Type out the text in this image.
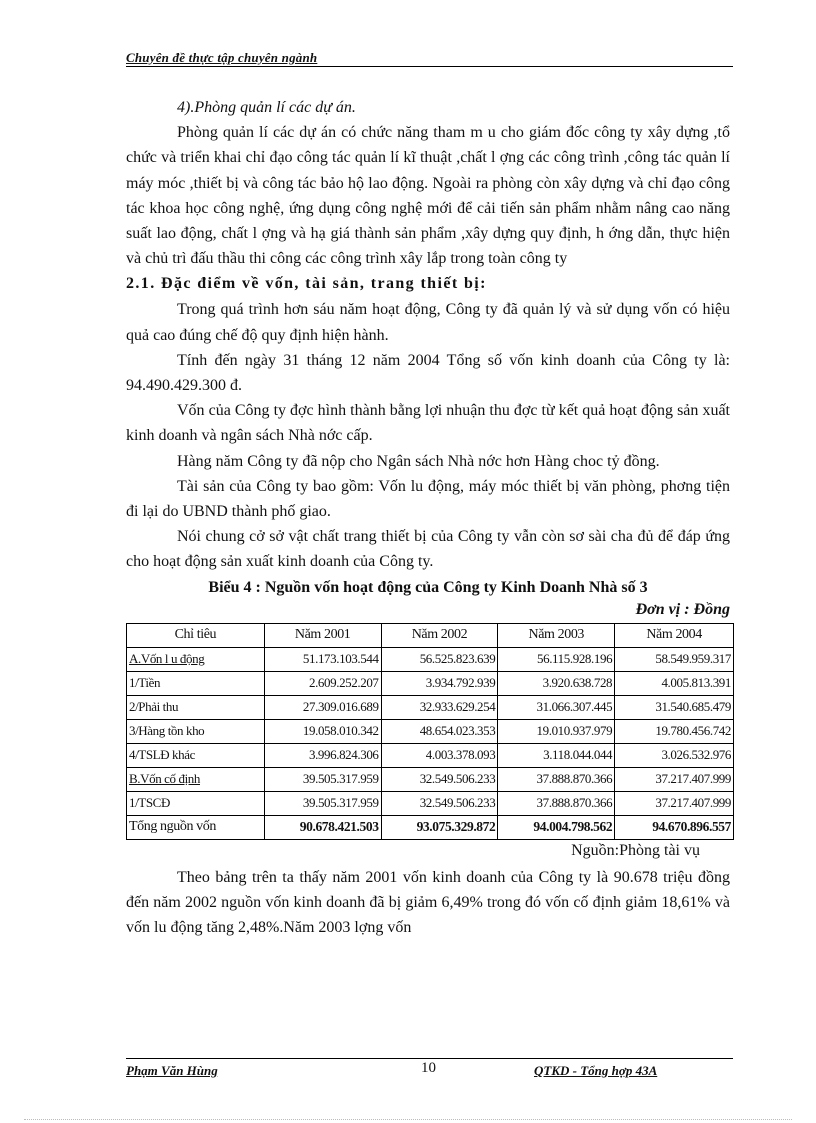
Chuyên đề thực tập chuyên ngành

4).Phòng quản lí các dự án.

Phòng quản lí các dự án có chức năng tham m u cho giám đốc công ty xây dựng ,tổ chức và triển khai chỉ đạo công tác quản lí kĩ thuật ,chất l ợng các công trình ,công tác quản lí máy móc ,thiết bị và công tác bảo hộ lao động. Ngoài ra phòng còn xây dựng và chỉ đạo công tác khoa học công nghệ, ứng dụng công nghệ mới để cải tiến sản phẩm nhằm nâng cao năng suất lao động, chất l ợng và hạ giá thành sản phẩm ,xây dựng quy định, h ớng dẫn, thực hiện và chủ trì đấu thầu thi công các công trình xây lắp trong toàn công ty

2.1. Đặc điểm về vốn, tài sản, trang thiết bị:

Trong quá trình hơn sáu năm hoạt động, Công ty đã quản lý và sử dụng vốn có hiệu quả cao đúng chế độ quy định hiện hành.

Tính đến ngày 31 tháng 12 năm 2004 Tổng số vốn kinh doanh của Công ty là: 94.490.429.300 đ.

Vốn của Công ty đợc hình thành bằng lợi nhuận thu đợc từ kết quả hoạt động sản xuất kinh doanh và ngân sách Nhà nớc cấp.

Hàng năm Công ty đã nộp cho Ngân sách Nhà nớc hơn Hàng choc tỷ đồng.

Tài sản của Công ty bao gồm: Vốn lu động, máy móc thiết bị văn phòng, phơng tiện đi lại do UBND thành phố giao.

Nói chung cở sở vật chất trang thiết bị của Công ty vẫn còn sơ sài cha đủ để đáp ứng cho hoạt động sản xuất kinh doanh của Công ty.

Biểu 4 : Nguồn vốn hoạt động của Công ty Kinh Doanh Nhà số 3

Đơn vị : Đồng

Chỉ tiêu	Năm 2001	Năm 2002	Năm 2003	Năm 2004
A.Vốn l u động	51.173.103.544	56.525.823.639	56.115.928.196	58.549.959.317
1/Tiền	2.609.252.207	3.934.792.939	3.920.638.728	4.005.813.391
2/Phải thu	27.309.016.689	32.933.629.254	31.066.307.445	31.540.685.479
3/Hàng tồn kho	19.058.010.342	48.654.023.353	19.010.937.979	19.780.456.742
4/TSLĐ khác	3.996.824.306	4.003.378.093	3.118.044.044	3.026.532.976
B.Vốn cố định	39.505.317.959	32.549.506.233	37.888.870.366	37.217.407.999
1/TSCĐ	39.505.317.959	32.549.506.233	37.888.870.366	37.217.407.999
Tổng nguồn vốn	90.678.421.503	93.075.329.872	94.004.798.562	94.670.896.557

Nguồn:Phòng tài vụ

Theo bảng trên ta thấy năm 2001 vốn kinh doanh của Công ty là 90.678 triệu đồng đến năm 2002 nguồn vốn kinh doanh đã bị giảm 6,49% trong đó vốn cố định giảm 18,61% và vốn lu động tăng 2,48%.Năm 2003 lợng vốn

Phạm Văn Hùng	10	QTKD - Tổng hợp 43A
